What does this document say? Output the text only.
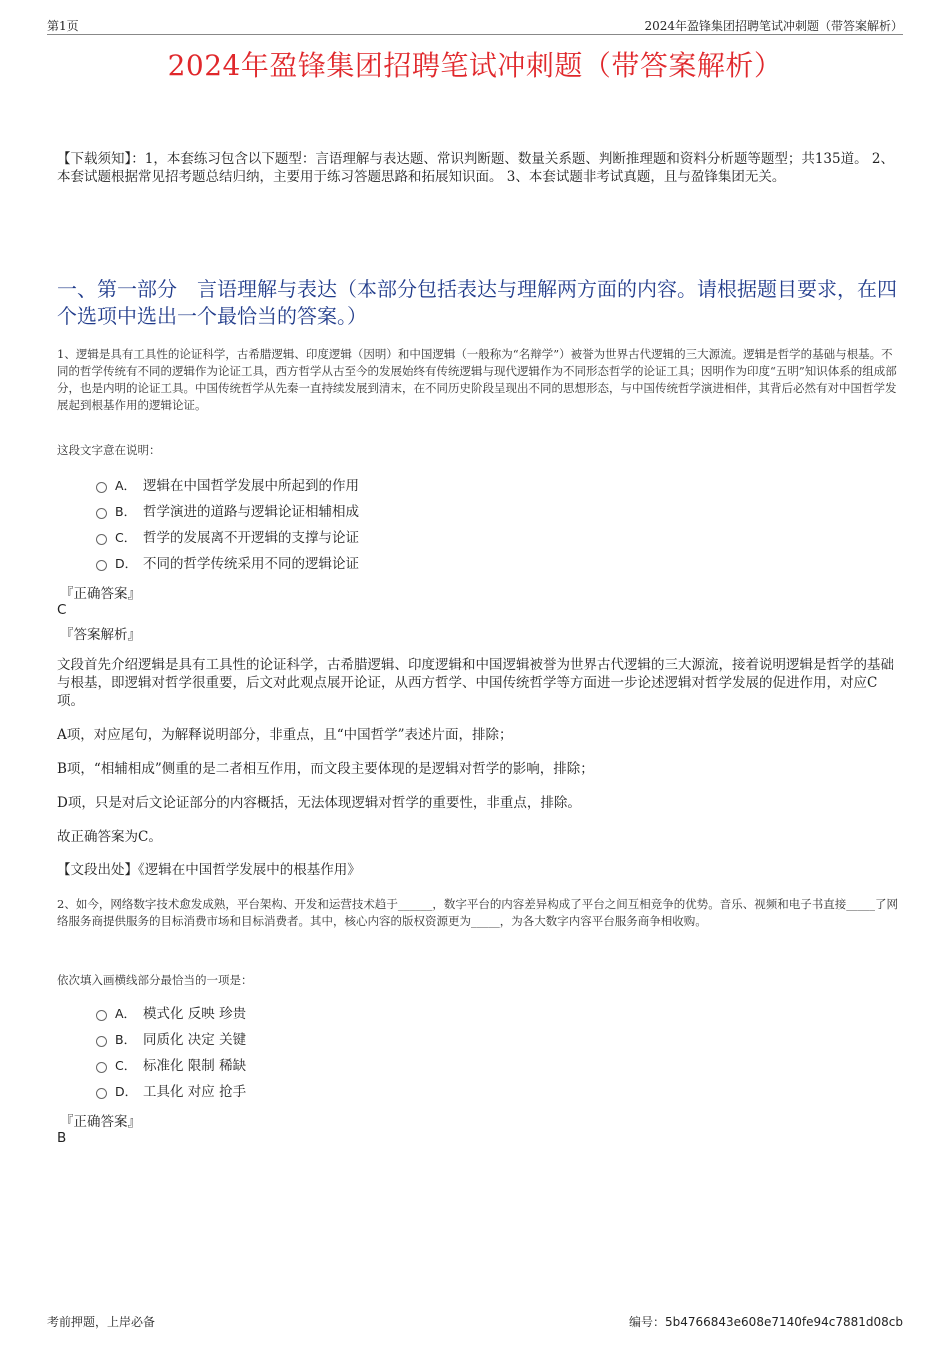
第1页	2024年盈锋集团招聘笔试冲刺题（带答案解析）
2024年盈锋集团招聘笔试冲刺题（带答案解析）
【下载须知】：1，本套练习包含以下题型：言语理解与表达题、常识判断题、数量关系题、判断推理题和资料分析题等题型；共135道。 2、本套试题根据常见招考题总结归纳，主要用于练习答题思路和拓展知识面。 3、本套试题非考试真题，且与盈锋集团无关。
一、第一部分　言语理解与表达（本部分包括表达与理解两方面的内容。请根据题目要求，在四个选项中选出一个最恰当的答案。）
1、逻辑是具有工具性的论证科学，古希腊逻辑、印度逻辑（因明）和中国逻辑（一般称为“名辩学”）被誉为世界古代逻辑的三大源流。逻辑是哲学的基础与根基。不同的哲学传统有不同的逻辑作为论证工具，西方哲学从古至今的发展始终有传统逻辑与现代逻辑作为不同形态哲学的论证工具；因明作为印度“五明”知识体系的组成部分，也是内明的论证工具。中国传统哲学从先秦一直持续发展到清末，在不同历史阶段呈现出不同的思想形态，与中国传统哲学演进相伴，其背后必然有对中国哲学发展起到根基作用的逻辑论证。
这段文字意在说明：
A． 逻辑在中国哲学发展中所起到的作用
B． 哲学演进的道路与逻辑论证相辅相成
C． 哲学的发展离不开逻辑的支撑与论证
D． 不同的哲学传统采用不同的逻辑论证
『正确答案』
C
『答案解析』
文段首先介绍逻辑是具有工具性的论证科学，古希腊逻辑、印度逻辑和中国逻辑被誉为世界古代逻辑的三大源流，接着说明逻辑是哲学的基础与根基，即逻辑对哲学很重要，后文对此观点展开论证，从西方哲学、中国传统哲学等方面进一步论述逻辑对哲学发展的促进作用，对应C项。
A项，对应尾句，为解释说明部分，非重点，且“中国哲学”表述片面，排除；
B项，“相辅相成”侧重的是二者相互作用，而文段主要体现的是逻辑对哲学的影响，排除；
D项，只是对后文论证部分的内容概括，无法体现逻辑对哲学的重要性，非重点，排除。
故正确答案为C。
【文段出处】《逻辑在中国哲学发展中的根基作用》
2、如今，网络数字技术愈发成熟，平台架构、开发和运营技术趋于______，数字平台的内容差异构成了平台之间互相竞争的优势。音乐、视频和电子书直接_____了网络服务商提供服务的目标消费市场和目标消费者。其中，核心内容的版权资源更为_____，为各大数字内容平台服务商争相收购。
依次填入画横线部分最恰当的一项是：
A． 模式化 反映 珍贵
B． 同质化 决定 关键
C． 标准化 限制 稀缺
D． 工具化 对应 抢手
『正确答案』
B
考前押题，上岸必备	编号：5b4766843e608e7140fe94c7881d08cb
